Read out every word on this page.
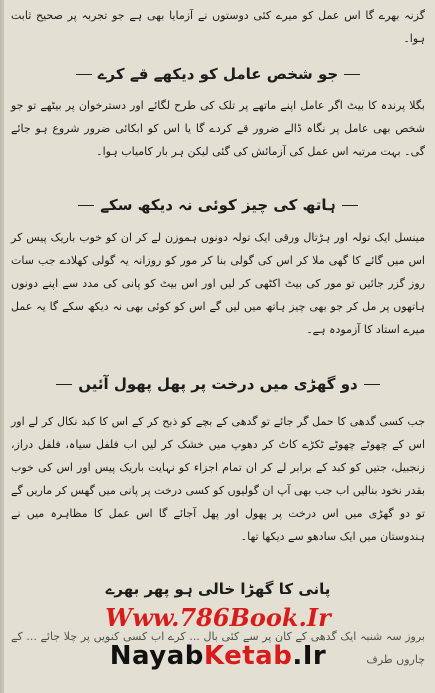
گزنہ بھرے گا اس عمل کو میرے کئی دوستوں نے آزمایا بھی ہے جو تجربہ پر صحیح ثابت ہوا۔
جو شخص عامل کو دیکھے قے کرے
بگلا پرندہ کا بیٹ اگر عامل اپنے ماتھے پر تلک کی طرح لگائے اور دسترخوان پر بیٹھے تو جو شخص بھی عامل پر نگاہ ڈالے ضرور قے کردے گا یا اس کو ابکائی ضرور شروع ہو جائے گی۔ بہت مرتبہ اس عمل کی آزمائش کی گئی لیکن ہر بار کامیاب ہوا۔
ہاتھ کی چیز کوئی نہ دیکھ سکے
مینسل ایک تولہ اور ہڑتال ورقی ایک تولہ دونوں ہموزن لے کر ان کو خوب باریک پیس کر اس میں گائے کا گھی ملا کر اس کی گولی بنا کر مور کو روزانہ یہ گولی کھلادے جب سات روز گزر جائیں تو مور کی بیٹ اکٹھی کر لیں اور اس بیٹ کو پانی کی مدد سے اپنے دونوں ہاتھوں پر مل کر جو بھی چیز ہاتھ میں لیں گے اس کو کوئی بھی نہ دیکھ سکے گا یہ عمل میرے استاد کا آزمودہ ہے۔
دو گھڑی میں درخت پر پھل پھول آئیں
جب کسی گدھی کا حمل گر جائے تو گدھی کے بچے کو ذبح کر کے اس کا کبد نکال کر لے اور اس کے چھوٹے چھوٹے ٹکڑے کاٹ کر دھوپ میں خشک کر لیں اب فلفل سیاہ، فلفل دراز، زنجبیل، جتیں کو کبد کے برابر لے کر ان تمام اجزاء کو نہایت باریک پیس اور اس کی خوب بقدر نخود بنالیں اب جب بھی آپ ان گولیوں کو کسی درخت پر پانی میں گھس کر ماریں گے تو دو گھڑی میں اس درخت پر پھول اور پھل آجائے گا اس عمل کا مظاہرہ میں نے ہندوستان میں ایک سادھو سے دیکھا تھا۔
پانی کا گھڑا خالی ہو پھر بھرے
بروز سہ شنبہ ایک گدھی کے کان پر سے کئی بال ... کرے اب کسی کنویں پر چلا جائے ... کے چاروں طرف
Www.786Book.Ir
NayabKetab.Ir
